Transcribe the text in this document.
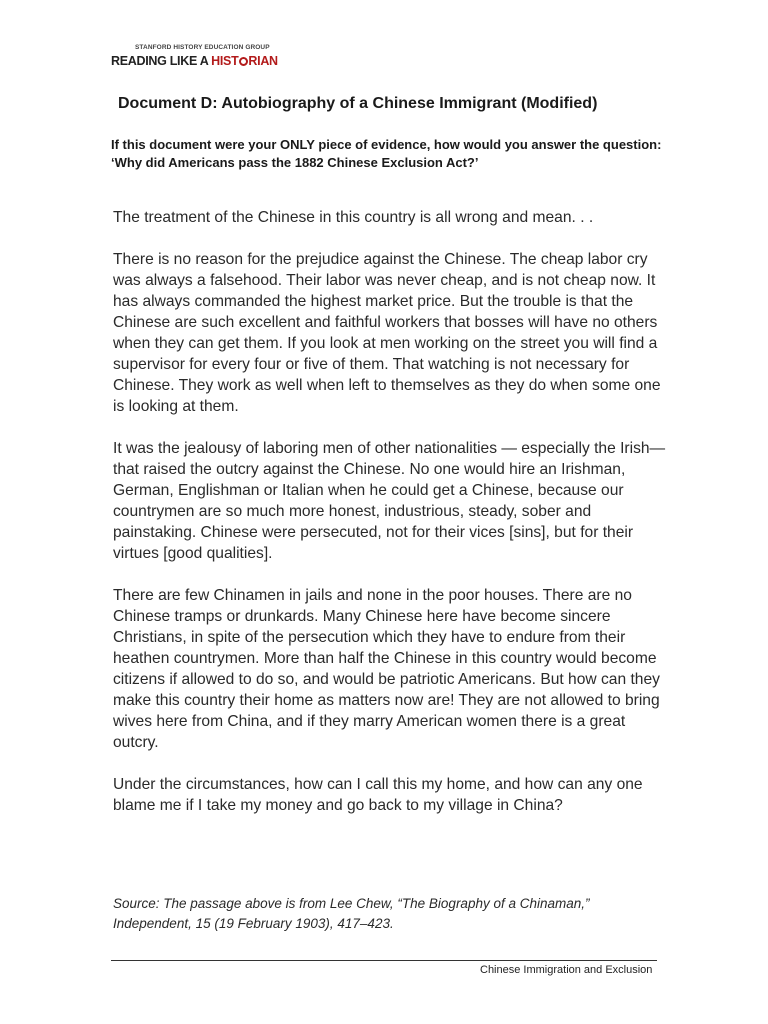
STANFORD HISTORY EDUCATION GROUP
READING LIKE A HIST RIAN
Document D: Autobiography of a Chinese Immigrant (Modified)

If this document were your ONLY piece of evidence, how would you answer the question: ‘Why did Americans pass the 1882 Chinese Exclusion Act?’

The treatment of the Chinese in this country is all wrong and mean. . .

There is no reason for the prejudice against the Chinese. The cheap labor cry was always a falsehood. Their labor was never cheap, and is not cheap now. It has always commanded the highest market price. But the trouble is that the Chinese are such excellent and faithful workers that bosses will have no others when they can get them. If you look at men working on the street you will find a supervisor for every four or five of them. That watching is not necessary for Chinese. They work as well when left to themselves as they do when some one is looking at them.

It was the jealousy of laboring men of other nationalities — especially the Irish—that raised the outcry against the Chinese. No one would hire an Irishman, German, Englishman or Italian when he could get a Chinese, because our countrymen are so much more honest, industrious, steady, sober and painstaking. Chinese were persecuted, not for their vices [sins], but for their virtues [good qualities].

There are few Chinamen in jails and none in the poor houses. There are no Chinese tramps or drunkards. Many Chinese here have become sincere Christians, in spite of the persecution which they have to endure from their heathen countrymen. More than half the Chinese in this country would become citizens if allowed to do so, and would be patriotic Americans. But how can they make this country their home as matters now are! They are not allowed to bring wives here from China, and if they marry American women there is a great outcry.

Under the circumstances, how can I call this my home, and how can any one blame me if I take my money and go back to my village in China?

Source: The passage above is from Lee Chew, “The Biography of a Chinaman,” Independent, 15 (19 February 1903), 417–423.

Chinese Immigration and Exclusion
